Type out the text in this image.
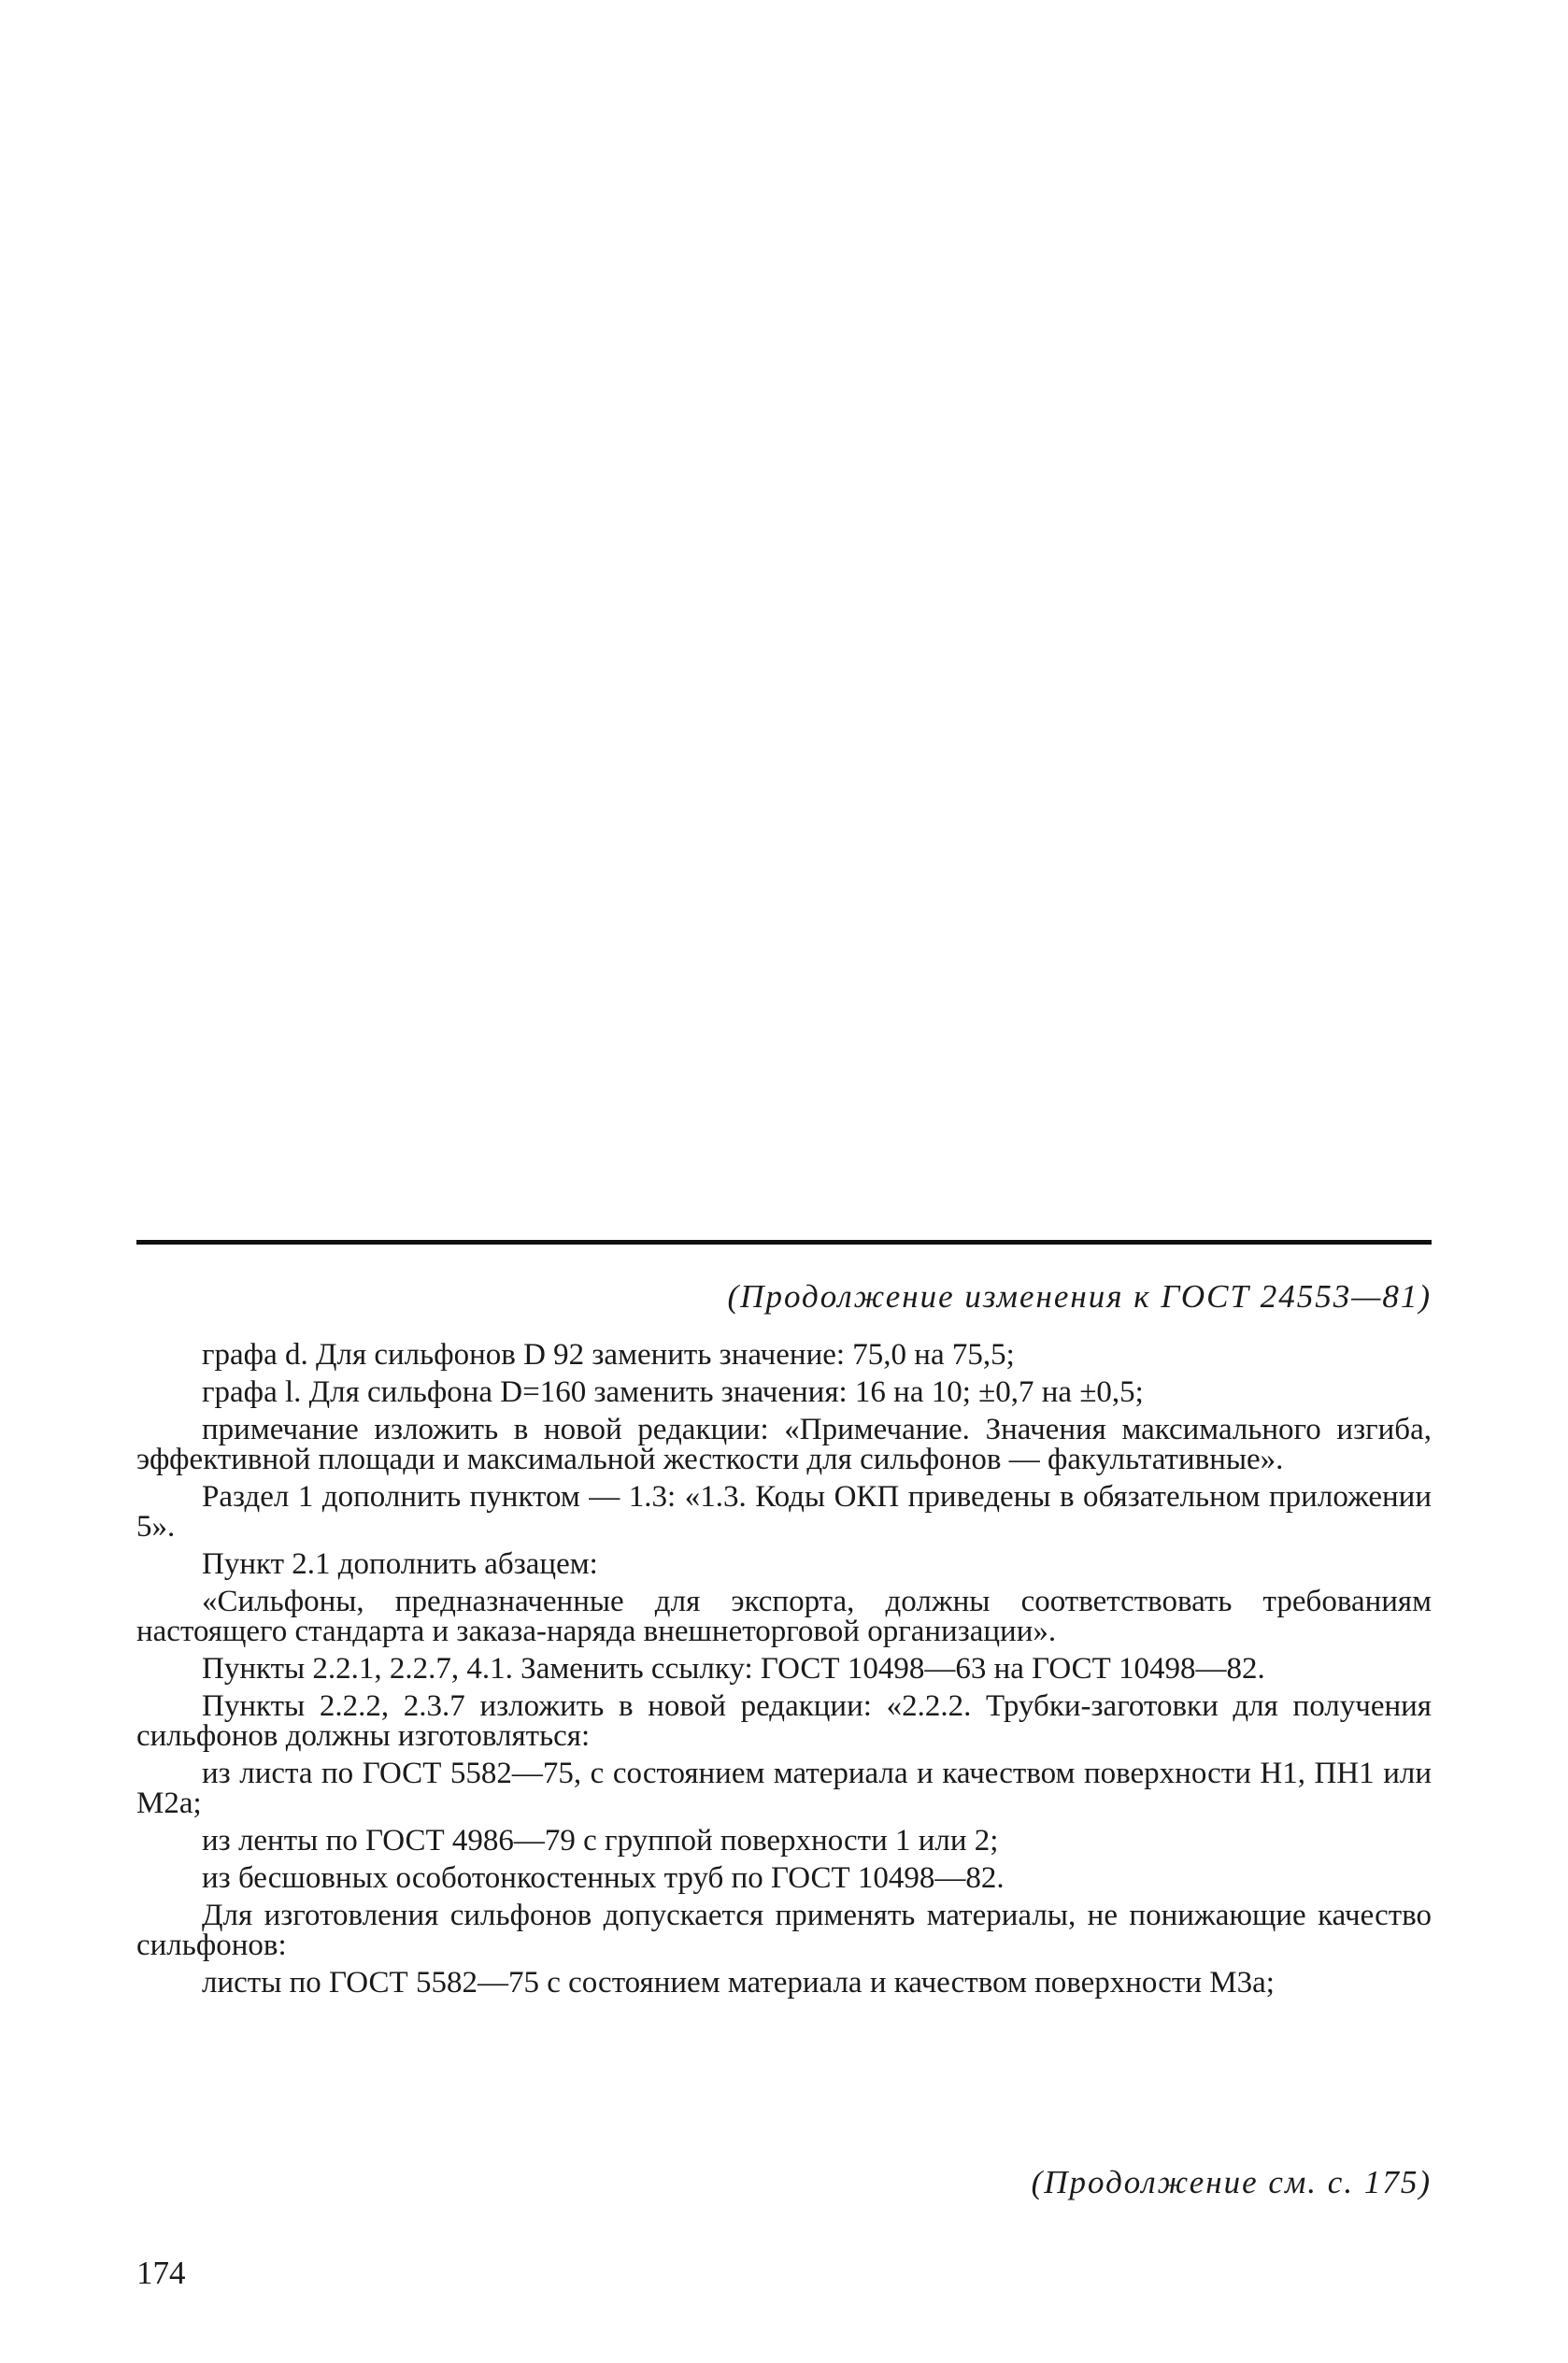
(Продолжение изменения к ГОСТ 24553—81)

графа d. Для сильфонов D 92 заменить значение: 75,0 на 75,5;

графа l. Для сильфона D=160 заменить значения: 16 на 10; ±0,7 на ±0,5;

примечание изложить в новой редакции: «Примечание. Значения максимального изгиба, эффективной площади и максимальной жесткости для сильфонов — факультативные».

Раздел 1 дополнить пунктом — 1.3: «1.3. Коды ОКП приведены в обязательном приложении 5».

Пункт 2.1 дополнить абзацем:

«Сильфоны, предназначенные для экспорта, должны соответствовать требованиям настоящего стандарта и заказа-наряда внешнеторговой организации».

Пункты 2.2.1, 2.2.7, 4.1. Заменить ссылку: ГОСТ 10498—63 на ГОСТ 10498—82.

Пункты 2.2.2, 2.3.7 изложить в новой редакции: «2.2.2. Трубки-заготовки для получения сильфонов должны изготовляться:

из листа по ГОСТ 5582—75, с состоянием материала и качеством поверхности Н1, ПН1 или М2а;

из ленты по ГОСТ 4986—79 с группой поверхности 1 или 2;

из бесшовных особотонкостенных труб по ГОСТ 10498—82.

Для изготовления сильфонов допускается применять материалы, не понижающие качество сильфонов:

листы по ГОСТ 5582—75 с состоянием материала и качеством поверхности М3а;

(Продолжение см. с. 175)
174
